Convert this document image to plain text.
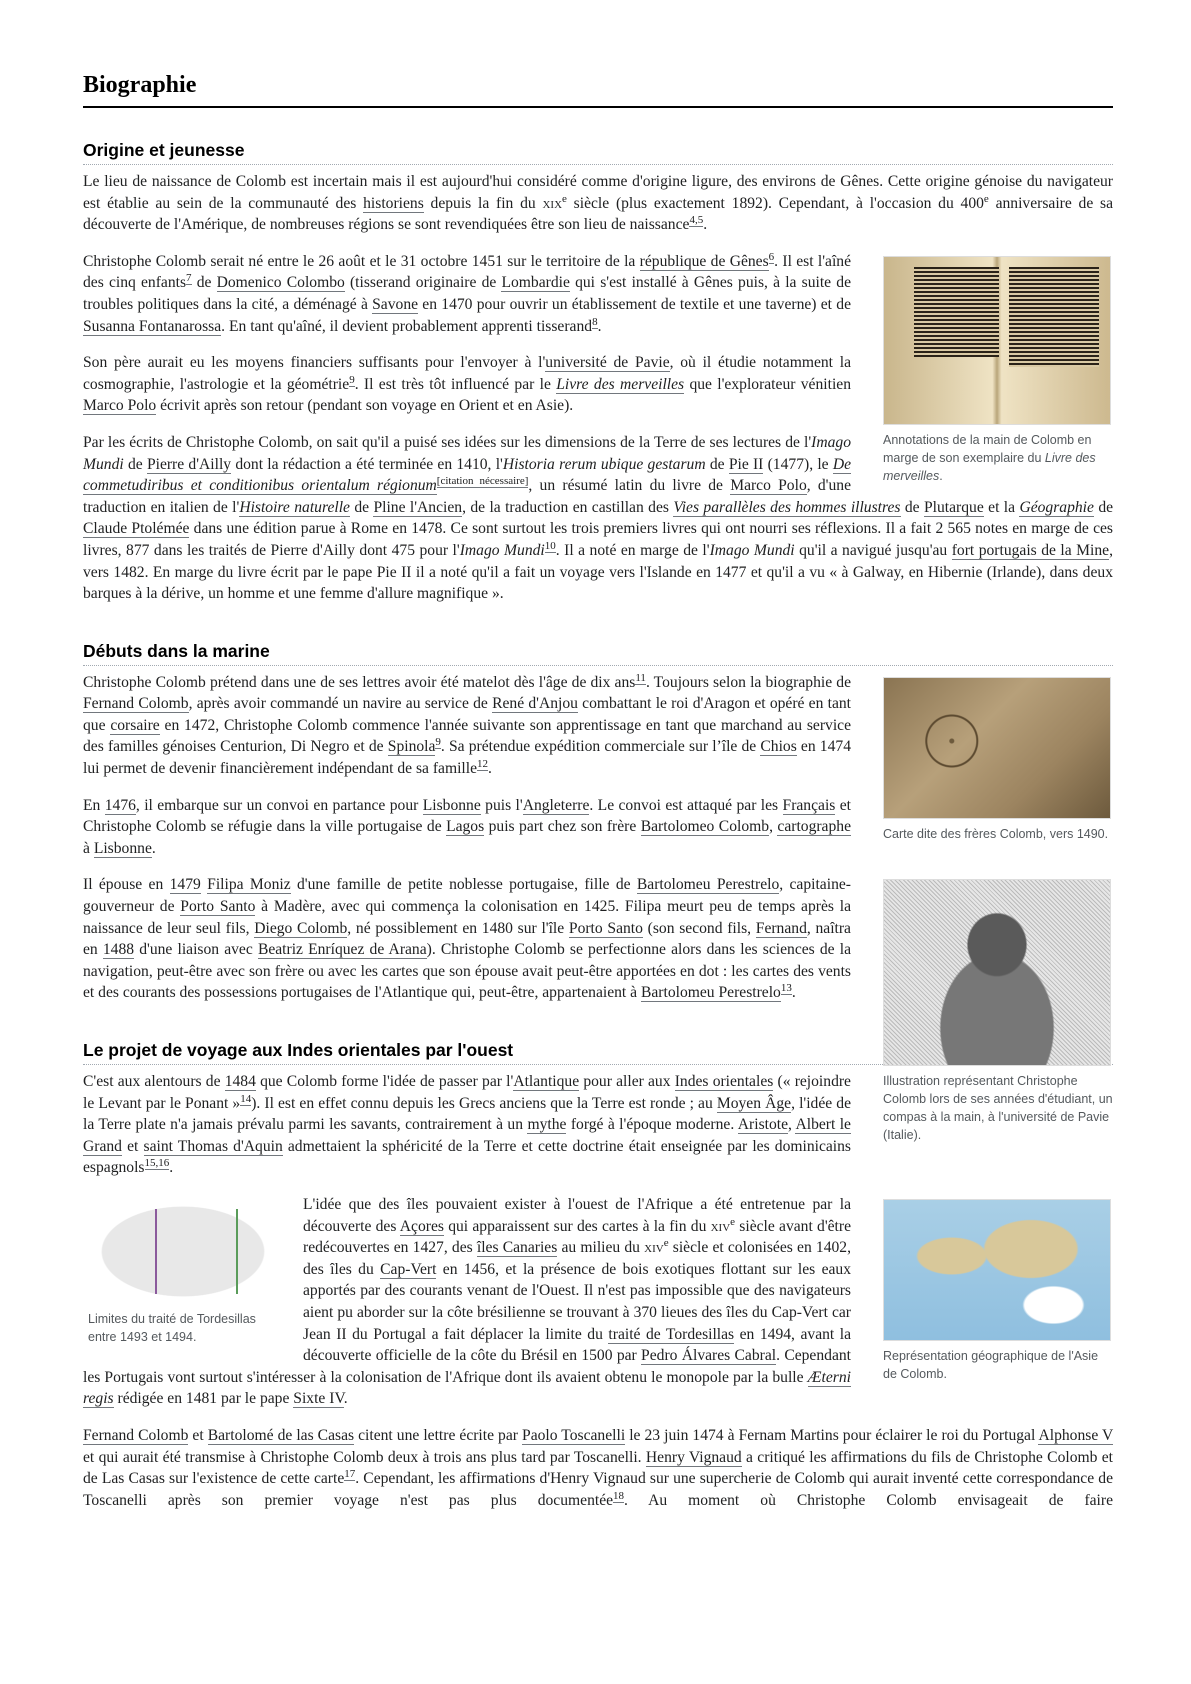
Biographie
Origine et jeunesse

Le lieu de naissance de Colomb est incertain mais il est aujourd'hui considéré comme d'origine ligure, des environs de Gênes. Cette origine génoise du navigateur est établie au sein de la communauté des historiens depuis la fin du xix$^e$ siècle (plus exactement 1892). Cependant, à l'occasion du 400e anniversaire de sa découverte de l'Amérique, de nombreuses régions se sont revendiquées être son lieu de naissance$^{4,5}$.

Annotations de la main de Colomb en marge de son exemplaire du Livre des merveilles.

Christophe Colomb serait né entre le 26 août et le 31 octobre 1451 sur le territoire de la république de Gênes$^6$. Il est l'aîné des cinq enfants$^7$ de Domenico Colombo (tisserand originaire de Lombardie qui s'est installé à Gênes puis, à la suite de troubles politiques dans la cité, a déménagé à Savone en 1470 pour ouvrir un établissement de textile et une taverne) et de Susanna Fontanarossa. En tant qu'aîné, il devient probablement apprenti tisserand$^8$.

Son père aurait eu les moyens financiers suffisants pour l'envoyer à l'université de Pavie, où il étudie notamment la cosmographie, l'astrologie et la géométrie$^9$. Il est très tôt influencé par le Livre des merveilles que l'explorateur vénitien Marco Polo écrivit après son retour (pendant son voyage en Orient et en Asie).

Par les écrits de Christophe Colomb, on sait qu'il a puisé ses idées sur les dimensions de la Terre de ses lectures de l'Imago Mundi de Pierre d'Ailly dont la rédaction a été terminée en 1410, l'Historia rerum ubique gestarum de Pie II (1477), le De commetudiribus et conditionibus orientalum régionum[citation nécessaire], un résumé latin du livre de Marco Polo, d'une traduction en italien de l'Histoire naturelle de Pline l'Ancien, de la traduction en castillan des Vies parallèles des hommes illustres de Plutarque et la Géographie de Claude Ptolémée dans une édition parue à Rome en 1478. Ce sont surtout les trois premiers livres qui ont nourri ses réflexions. Il a fait 2 565 notes en marge de ces livres, 877 dans les traités de Pierre d'Ailly dont 475 pour l'Imago Mundi$^{10}$. Il a noté en marge de l'Imago Mundi qu'il a navigué jusqu'au fort portugais de la Mine, vers 1482. En marge du livre écrit par le pape Pie II il a noté qu'il a fait un voyage vers l'Islande en 1477 et qu'il a vu « à Galway, en Hibernie (Irlande), dans deux barques à la dérive, un homme et une femme d'allure magnifique ».

Débuts dans la marine
Carte dite des frères Colomb, vers 1490.

Christophe Colomb prétend dans une de ses lettres avoir été matelot dès l'âge de dix ans$^{11}$. Toujours selon la biographie de Fernand Colomb, après avoir commandé un navire au service de René d'Anjou combattant le roi d'Aragon et opéré en tant que corsaire en 1472, Christophe Colomb commence l'année suivante son apprentissage en tant que marchand au service des familles génoises Centurion, Di Negro et de Spinola$^9$. Sa prétendue expédition commerciale sur l’île de Chios en 1474 lui permet de devenir financièrement indépendant de sa famille$^{12}$.

En 1476, il embarque sur un convoi en partance pour Lisbonne puis l'Angleterre. Le convoi est attaqué par les Français et Christophe Colomb se réfugie dans la ville portugaise de Lagos puis part chez son frère Bartolomeo Colomb, cartographe à Lisbonne.

Illustration représentant Christophe Colomb lors de ses années d'étudiant, un compas à la main, à l'université de Pavie (Italie).

Il épouse en 1479 Filipa Moniz d'une famille de petite noblesse portugaise, fille de Bartolomeu Perestrelo, capitaine-gouverneur de Porto Santo à Madère, avec qui commença la colonisation en 1425. Filipa meurt peu de temps après la naissance de leur seul fils, Diego Colomb, né possiblement en 1480 sur l'île Porto Santo (son second fils, Fernand, naîtra en 1488 d'une liaison avec Beatriz Enríquez de Arana). Christophe Colomb se perfectionne alors dans les sciences de la navigation, peut-être avec son frère ou avec les cartes que son épouse avait peut-être apportées en dot : les cartes des vents et des courants des possessions portugaises de l'Atlantique qui, peut-être, appartenaient à Bartolomeu Perestrelo$^{13}$.

Le projet de voyage aux Indes orientales par l'ouest

C'est aux alentours de 1484 que Colomb forme l'idée de passer par l'Atlantique pour aller aux Indes orientales (« rejoindre le Levant par le Ponant »$^{14}$). Il est en effet connu depuis les Grecs anciens que la Terre est ronde ; au Moyen Âge, l'idée de la Terre plate n'a jamais prévalu parmi les savants, contrairement à un mythe forgé à l'époque moderne. Aristote, Albert le Grand et saint Thomas d'Aquin admettaient la sphéricité de la Terre et cette doctrine était enseignée par les dominicains espagnols$^{15,16}$.

Représentation géographique de l'Asie de Colomb.
Limites du traité de Tordesillas entre 1493 et 1494.

L'idée que des îles pouvaient exister à l'ouest de l'Afrique a été entretenue par la découverte des Açores qui apparaissent sur des cartes à la fin du xiv$^e$ siècle avant d'être redécouvertes en 1427, des îles Canaries au milieu du xiv$^e$ siècle et colonisées en 1402, des îles du Cap-Vert en 1456, et la présence de bois exotiques flottant sur les eaux apportés par des courants venant de l'Ouest. Il n'est pas impossible que des navigateurs aient pu aborder sur la côte brésilienne se trouvant à 370 lieues des îles du Cap-Vert car Jean II du Portugal a fait déplacer la limite du traité de Tordesillas en 1494, avant la découverte officielle de la côte du Brésil en 1500 par Pedro Álvares Cabral. Cependant les Portugais vont surtout s'intéresser à la colonisation de l'Afrique dont ils avaient obtenu le monopole par la bulle Æterni regis rédigée en 1481 par le pape Sixte IV.

Fernand Colomb et Bartolomé de las Casas citent une lettre écrite par Paolo Toscanelli le 23 juin 1474 à Fernam Martins pour éclairer le roi du Portugal Alphonse V et qui aurait été transmise à Christophe Colomb deux à trois ans plus tard par Toscanelli. Henry Vignaud a critiqué les affirmations du fils de Christophe Colomb et de Las Casas sur l'existence de cette carte$^{17}$. Cependant, les affirmations d'Henry Vignaud sur une supercherie de Colomb qui aurait inventé cette correspondance de Toscanelli après son premier voyage n'est pas plus documentée$^{18}$. Au moment où Christophe Colomb envisageait de faire
